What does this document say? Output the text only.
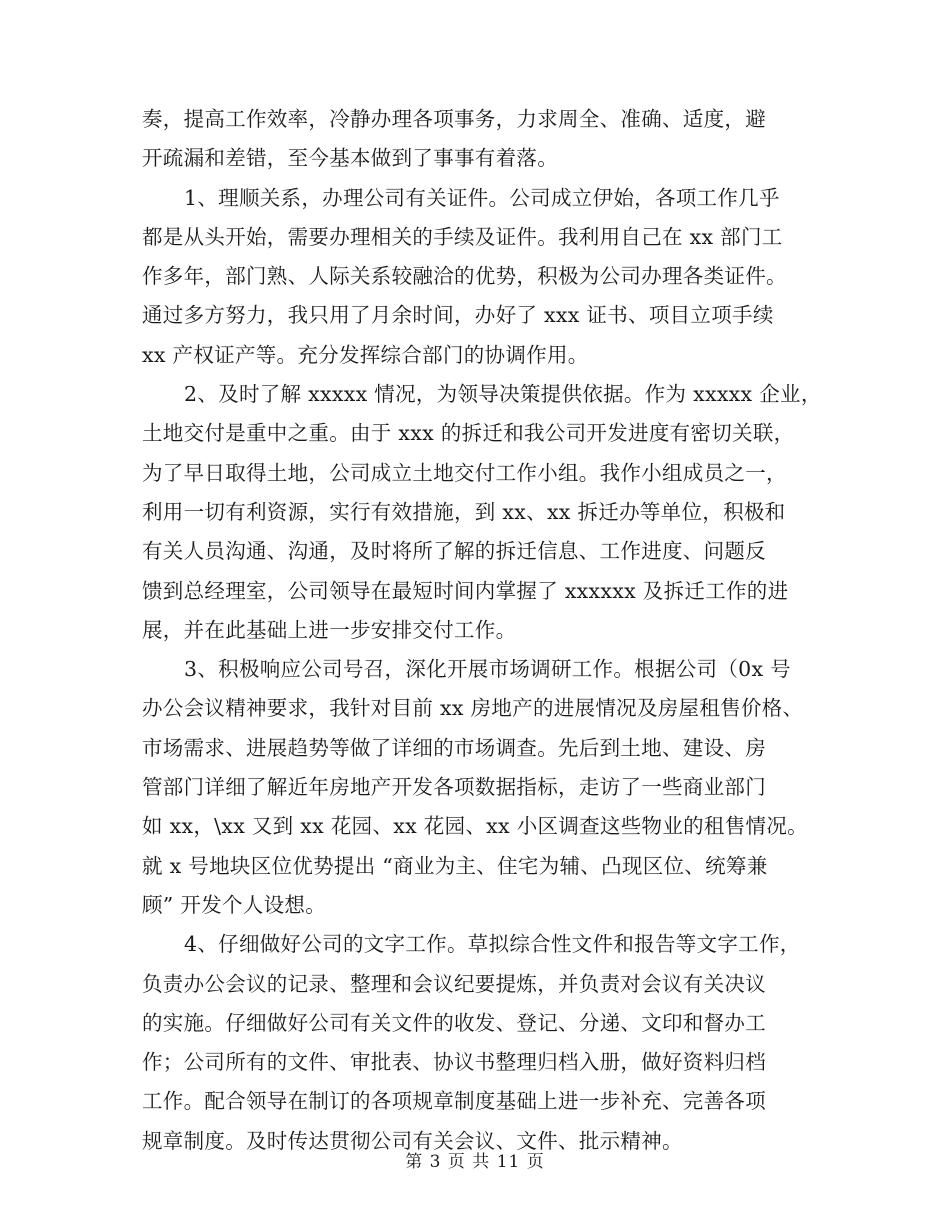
奏，提高工作效率，冷静办理各项事务，力求周全、准确、适度，避
开疏漏和差错，至今基本做到了事事有着落。
1、理顺关系，办理公司有关证件。公司成立伊始，各项工作几乎
都是从头开始，需要办理相关的手续及证件。我利用自己在 xx 部门工
作多年，部门熟、人际关系较融洽的优势，积极为公司办理各类证件。
通过多方努力，我只用了月余时间，办好了 xxx 证书、项目立项手续
xx 产权证产等。充分发挥综合部门的协调作用。
2、及时了解 xxxxx 情况，为领导决策提供依据。作为 xxxxx 企业，
土地交付是重中之重。由于 xxx 的拆迁和我公司开发进度有密切关联，
为了早日取得土地，公司成立土地交付工作小组。我作小组成员之一，
利用一切有利资源，实行有效措施，到 xx、xx 拆迁办等单位，积极和
有关人员沟通、沟通，及时将所了解的拆迁信息、工作进度、问题反
馈到总经理室，公司领导在最短时间内掌握了 xxxxxx 及拆迁工作的进
展，并在此基础上进一步安排交付工作。
3、积极响应公司号召，深化开展市场调研工作。根据公司（0x 号
办公会议精神要求，我针对目前 xx 房地产的进展情况及房屋租售价格、
市场需求、进展趋势等做了详细的市场调查。先后到土地、建设、房
管部门详细了解近年房地产开发各项数据指标，走访了一些商业部门
如 xx，\xx 又到 xx 花园、xx 花园、xx 小区调查这些物业的租售情况。
就 x 号地块区位优势提出 “商业为主、住宅为辅、凸现区位、统筹兼
顾” 开发个人设想。
4、仔细做好公司的文字工作。草拟综合性文件和报告等文字工作，
负责办公会议的记录、整理和会议纪要提炼，并负责对会议有关决议
的实施。仔细做好公司有关文件的收发、登记、分递、文印和督办工
作；公司所有的文件、审批表、协议书整理归档入册，做好资料归档
工作。配合领导在制订的各项规章制度基础上进一步补充、完善各项
规章制度。及时传达贯彻公司有关会议、文件、批示精神。
第 3 页 共 11 页
